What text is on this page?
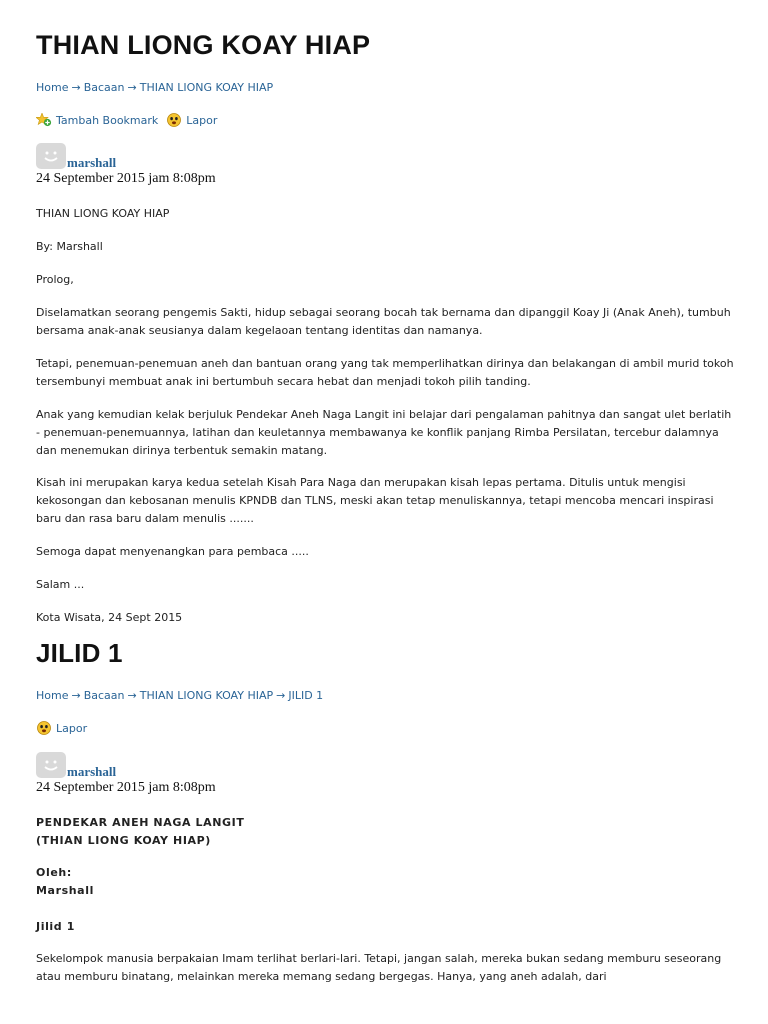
THIAN LIONG KOAY HIAP
Home → Bacaan → THIAN LIONG KOAY HIAP
Tambah Bookmark	Lapor
marshall
24 September 2015 jam 8:08pm

THIAN LIONG KOAY HIAP

By: Marshall

Prolog,

Diselamatkan seorang pengemis Sakti, hidup sebagai seorang bocah tak bernama dan dipanggil Koay Ji (Anak Aneh), tumbuh bersama anak-anak seusianya dalam kegelaoan tentang identitas dan namanya.

Tetapi, penemuan-penemuan aneh dan bantuan orang yang tak memperlihatkan dirinya dan belakangan di ambil murid tokoh tersembunyi membuat anak ini bertumbuh secara hebat dan menjadi tokoh pilih tanding.

Anak yang kemudian kelak berjuluk Pendekar Aneh Naga Langit ini belajar dari pengalaman pahitnya dan sangat ulet berlatih - penemuan-penemuannya, latihan dan keuletannya membawanya ke konflik panjang Rimba Persilatan, tercebur dalamnya dan menemukan dirinya terbentuk semakin matang.

Kisah ini merupakan karya kedua setelah Kisah Para Naga dan merupakan kisah lepas pertama. Ditulis untuk mengisi kekosongan dan kebosanan menulis KPNDB dan TLNS, meski akan tetap menuliskannya, tetapi mencoba mencari inspirasi baru dan rasa baru dalam menulis .......

Semoga dapat menyenangkan para pembaca .....

Salam ...

Kota Wisata, 24 Sept 2015

JILID 1
Home → Bacaan → THIAN LIONG KOAY HIAP → JILID 1
Lapor
marshall
24 September 2015 jam 8:08pm

PENDEKAR ANEH NAGA LANGIT

(THIAN LIONG KOAY HIAP)

Oleh:

Marshall

Jilid 1

Sekelompok manusia berpakaian Imam terlihat berlari-lari. Tetapi, jangan salah, mereka bukan sedang memburu seseorang atau memburu binatang, melainkan mereka memang sedang bergegas. Hanya, yang aneh adalah, dari
